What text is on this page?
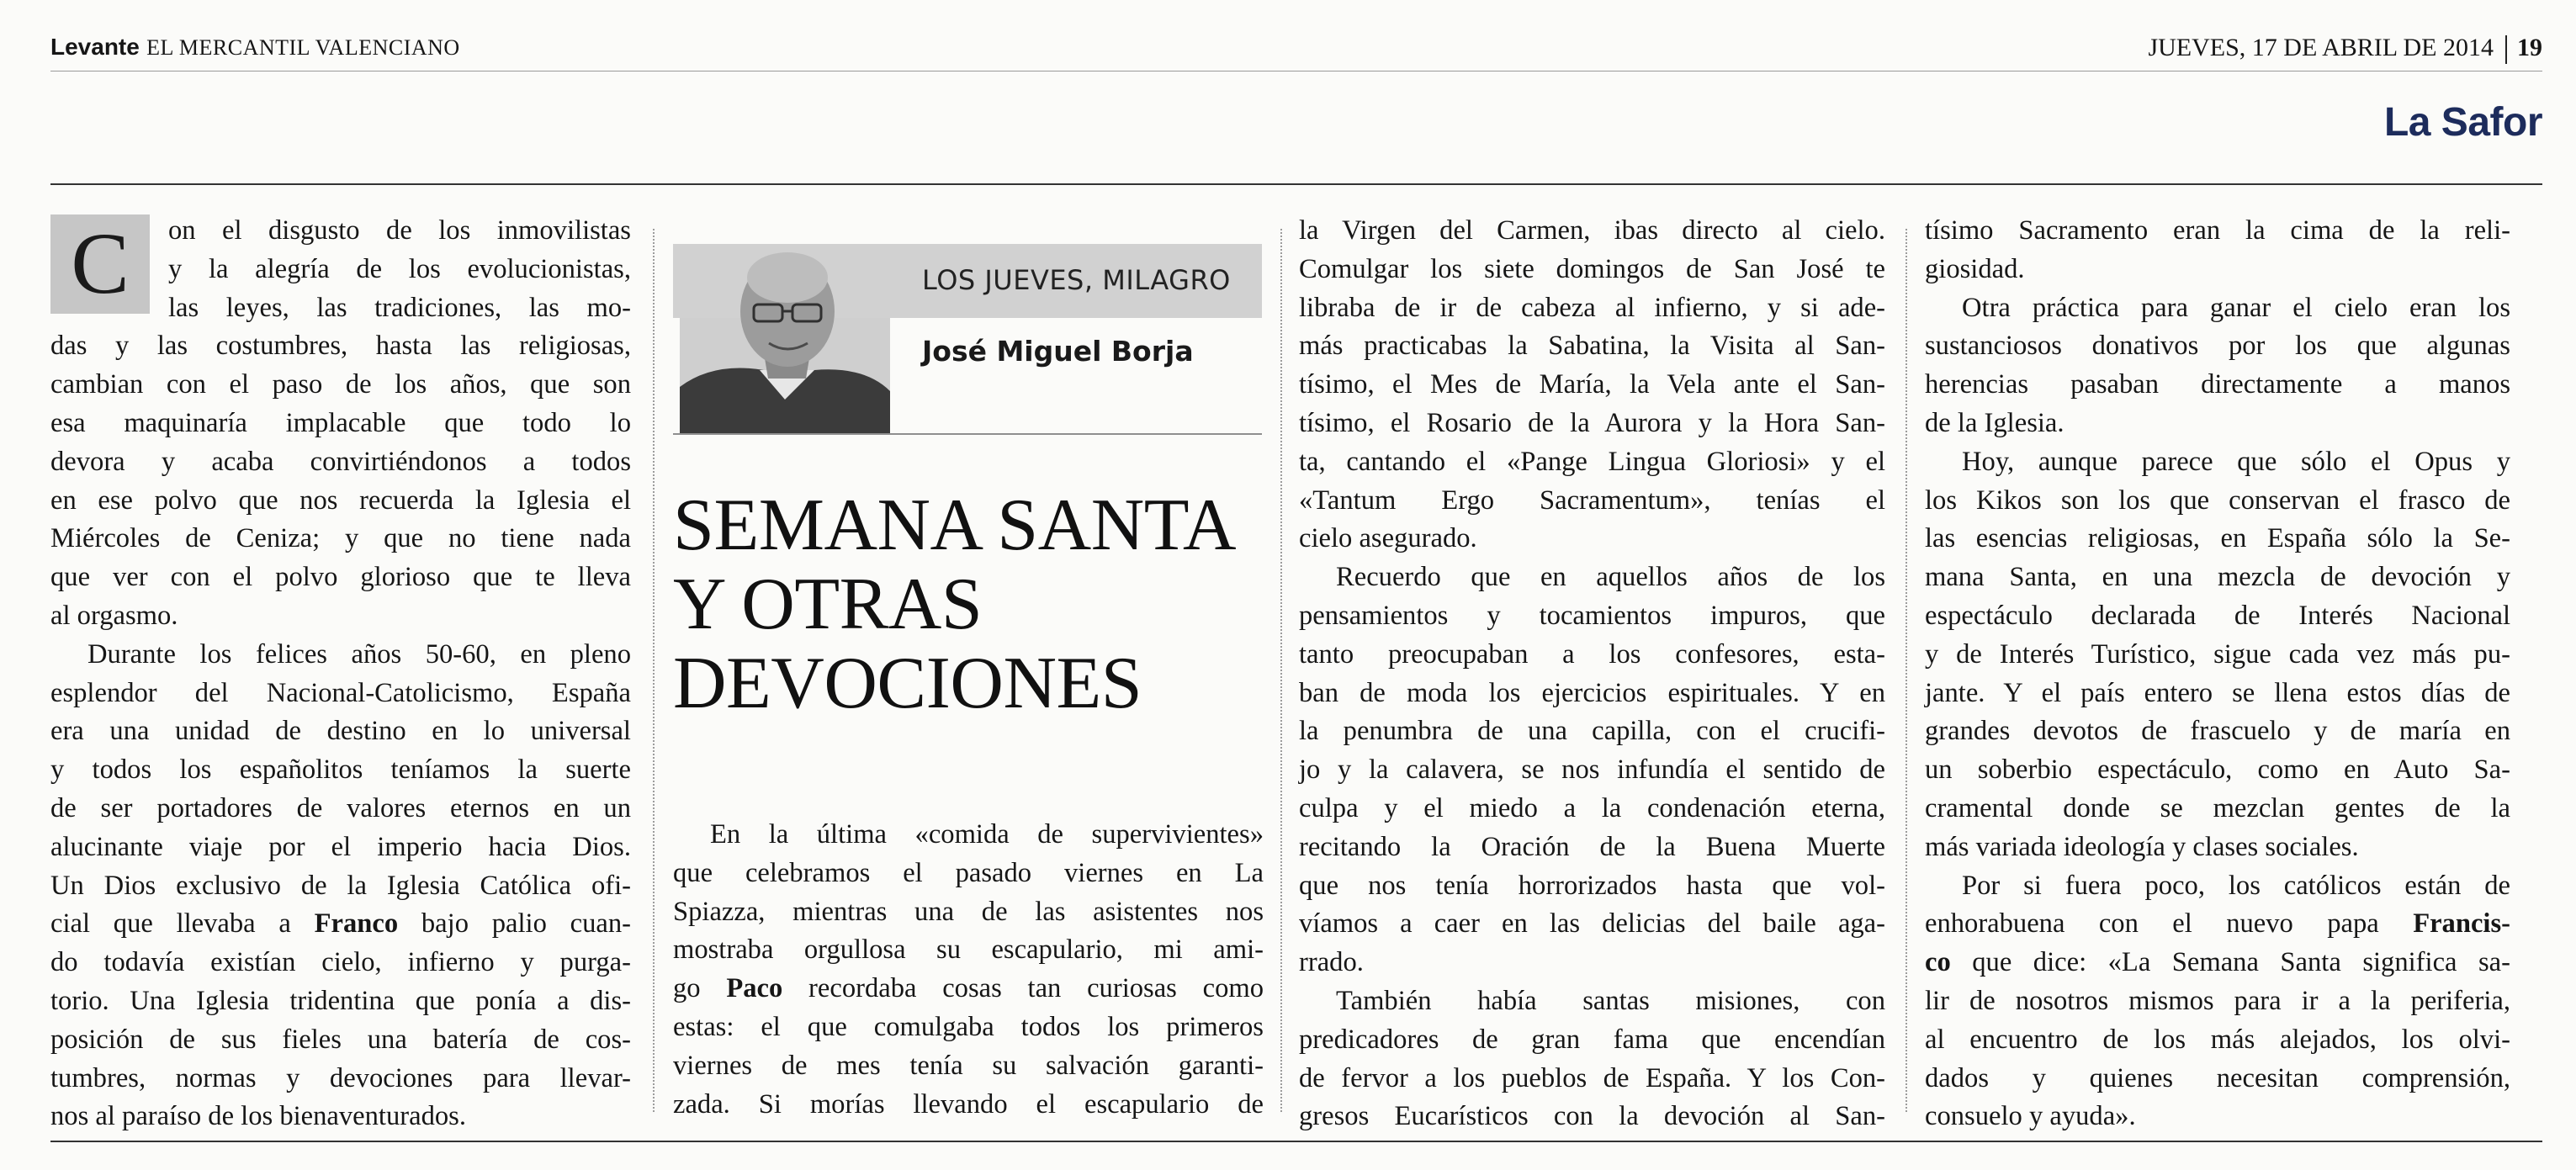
Levante EL MERCANTIL VALENCIANO	JUEVES, 17 DE ABRIL DE 2014 19
La Safor
C	on el disgusto de los inmovilistas

y la alegría de los evolucionistas,

las leyes, las tradiciones, las mo-

das y las costumbres, hasta las religiosas,

cambian con el paso de los años, que son

esa maquinaría implacable que todo lo

devora y acaba convirtiéndonos a todos

en ese polvo que nos recuerda la Iglesia el

Miércoles de Ceniza; y que no tiene nada

que ver con el polvo glorioso que te lleva

al orgasmo.

Durante los felices años 50-60, en pleno

esplendor del Nacional-Catolicismo, España

era una unidad de destino en lo universal

y todos los españolitos teníamos la suerte

de ser portadores de valores eternos en un

alucinante viaje por el imperio hacia Dios.

Un Dios exclusivo de la Iglesia Católica ofi-

cial que llevaba a Franco bajo palio cuan-

do todavía existían cielo, infierno y purga-

torio. Una Iglesia tridentina que ponía a dis-

posición de sus fieles una batería de cos-

tumbres, normas y devociones para llevar-

nos al paraíso de los bienaventurados.

LOS JUEVES, MILAGRO
José Miguel Borja
SEMANA SANTA
Y OTRAS
DEVOCIONES

En la última «comida de supervivientes»

que celebramos el pasado viernes en La

Spiazza, mientras una de las asistentes nos

mostraba orgullosa su escapulario, mi ami-

go Paco recordaba cosas tan curiosas como

estas: el que comulgaba todos los primeros

viernes de mes tenía su salvación garanti-

zada. Si morías llevando el escapulario de

la Virgen del Carmen, ibas directo al cielo.

Comulgar los siete domingos de San José te

libraba de ir de cabeza al infierno, y si ade-

más practicabas la Sabatina, la Visita al San-

tísimo, el Mes de María, la Vela ante el San-

tísimo, el Rosario de la Aurora y la Hora San-

ta, cantando el «Pange Lingua Gloriosi» y el

«Tantum Ergo Sacramentum», tenías el

cielo asegurado.

Recuerdo que en aquellos años de los

pensamientos y tocamientos impuros, que

tanto preocupaban a los confesores, esta-

ban de moda los ejercicios espirituales. Y en

la penumbra de una capilla, con el crucifi-

jo y la calavera, se nos infundía el sentido de

culpa y el miedo a la condenación eterna,

recitando la Oración de la Buena Muerte

que nos tenía horrorizados hasta que vol-

víamos a caer en las delicias del baile aga-

rrado.

También había santas misiones, con

predicadores de gran fama que encendían

de fervor a los pueblos de España. Y los Con-

gresos Eucarísticos con la devoción al San-

tísimo Sacramento eran la cima de la reli-

giosidad.

Otra práctica para ganar el cielo eran los

sustanciosos donativos por los que algunas

herencias pasaban directamente a manos

de la Iglesia.

Hoy, aunque parece que sólo el Opus y

los Kikos son los que conservan el frasco de

las esencias religiosas, en España sólo la Se-

mana Santa, en una mezcla de devoción y

espectáculo declarada de Interés Nacional

y de Interés Turístico, sigue cada vez más pu-

jante. Y el país entero se llena estos días de

grandes devotos de frascuelo y de maría en

un soberbio espectáculo, como en Auto Sa-

cramental donde se mezclan gentes de la

más variada ideología y clases sociales.

Por si fuera poco, los católicos están de

enhorabuena con el nuevo papa Francis-

co que dice: «La Semana Santa significa sa-

lir de nosotros mismos para ir a la periferia,

al encuentro de los más alejados, los olvi-

dados y quienes necesitan comprensión,

consuelo y ayuda».
